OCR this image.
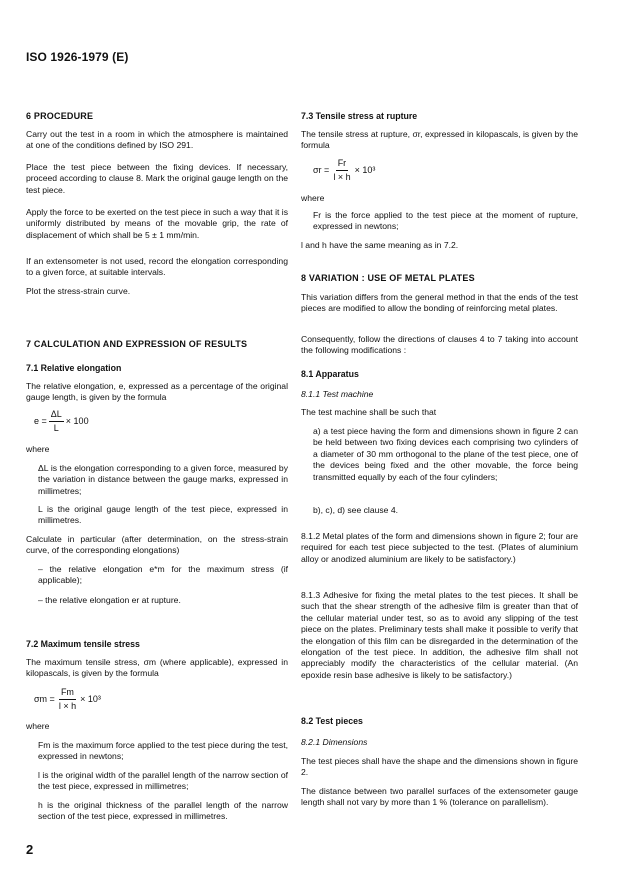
ISO 1926-1979 (E)
6 PROCEDURE
Carry out the test in a room in which the atmosphere is maintained at one of the conditions defined by ISO 291.
Place the test piece between the fixing devices. If necessary, proceed according to clause 8. Mark the original gauge length on the test piece.
Apply the force to be exerted on the test piece in such a way that it is uniformly distributed by means of the movable grip, the rate of displacement of which shall be 5 ± 1 mm/min.
If an extensometer is not used, record the elongation corresponding to a given force, at suitable intervals.
Plot the stress-strain curve.
7 CALCULATION AND EXPRESSION OF RESULTS
7.1 Relative elongation
The relative elongation, e, expressed as a percentage of the original gauge length, is given by the formula
$e = \frac{\Delta L}{L} \times 100$
where
ΔL is the elongation corresponding to a given force, measured by the variation in distance between the gauge marks, expressed in millimetres;
L is the original gauge length of the test piece, expressed in millimetres.
Calculate in particular (after determination, on the stress-strain curve, of the corresponding elongations)
– the relative elongation e*m for the maximum stress (if applicable);
– the relative elongation er at rupture.
7.2 Maximum tensile stress
The maximum tensile stress, σm (where applicable), expressed in kilopascals, is given by the formula
$\sigma m = \frac{Fm}{l \times h} \times 10^3$
where
Fm is the maximum force applied to the test piece during the test, expressed in newtons;
l is the original width of the parallel length of the narrow section of the test piece, expressed in millimetres;
h is the original thickness of the parallel length of the narrow section of the test piece, expressed in millimetres.
7.3 Tensile stress at rupture
The tensile stress at rupture, σr, expressed in kilopascals, is given by the formula
$\sigma r = \frac{Fr}{l \times h} \times 10^3$
where
Fr is the force applied to the test piece at the moment of rupture, expressed in newtons;
l and h have the same meaning as in 7.2.
8 VARIATION : USE OF METAL PLATES
This variation differs from the general method in that the ends of the test pieces are modified to allow the bonding of reinforcing metal plates.
Consequently, follow the directions of clauses 4 to 7 taking into account the following modifications :
8.1 Apparatus
8.1.1 Test machine
The test machine shall be such that
a) a test piece having the form and dimensions shown in figure 2 can be held between two fixing devices each comprising two cylinders of a diameter of 30 mm orthogonal to the plane of the test piece, one of the devices being fixed and the other movable, the force being transmitted equally by each of the four cylinders;
b), c), d) see clause 4.
8.1.2 Metal plates of the form and dimensions shown in figure 2; four are required for each test piece subjected to the test. (Plates of aluminium alloy or anodized aluminium are likely to be satisfactory.)
8.1.3 Adhesive for fixing the metal plates to the test pieces. It shall be such that the shear strength of the adhesive film is greater than that of the cellular material under test, so as to avoid any slipping of the test piece on the plates. Preliminary tests shall make it possible to verify that the elongation of this film can be disregarded in the determination of the elongation of the test piece. In addition, the adhesive film shall not appreciably modify the characteristics of the cellular material. (An epoxide resin base adhesive is likely to be satisfactory.)
8.2 Test pieces
8.2.1 Dimensions
The test pieces shall have the shape and the dimensions shown in figure 2.
The distance between two parallel surfaces of the extensometer gauge length shall not vary by more than 1 % (tolerance on parallelism).
2
